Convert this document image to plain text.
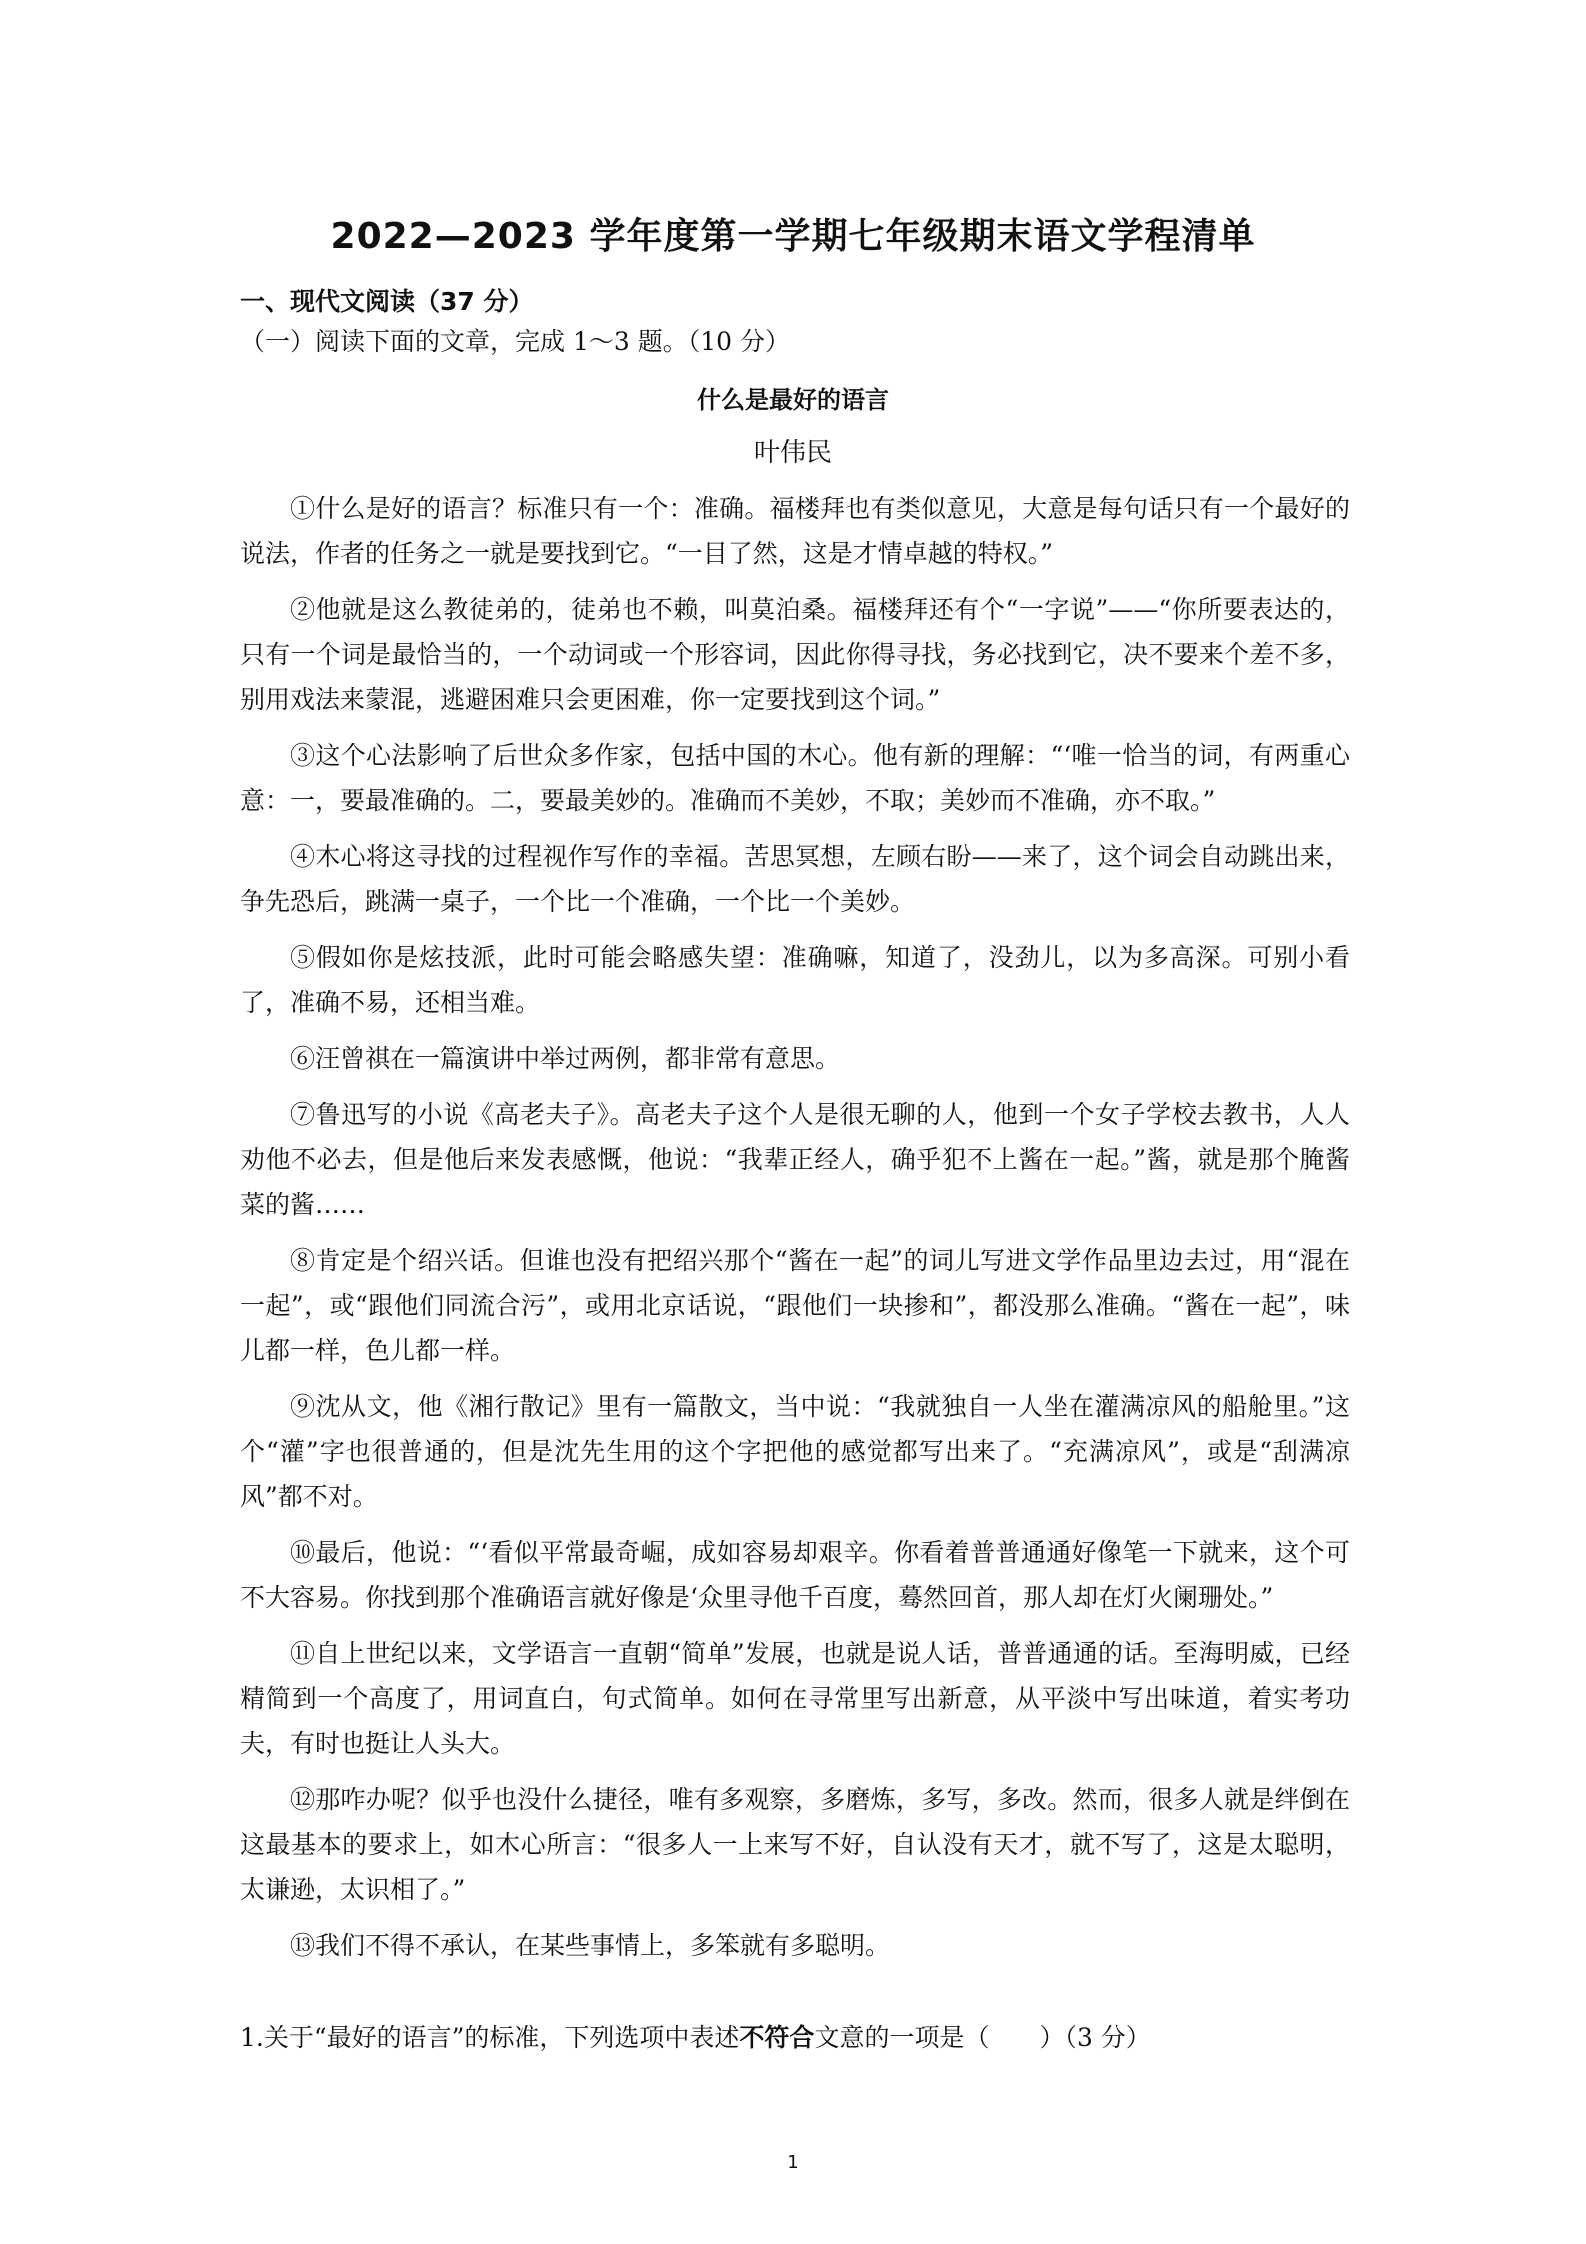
2022—2023 学年度第一学期七年级期末语文学程清单
一、现代文阅读（37 分）
（一）阅读下面的文章，完成 1～3 题。（10 分）
什么是最好的语言
叶伟民

①什么是好的语言？标准只有一个：准确。福楼拜也有类似意见，大意是每句话只有一个最好的说法，作者的任务之一就是要找到它。“一目了然，这是才情卓越的特权。”

②他就是这么教徒弟的，徒弟也不赖，叫莫泊桑。福楼拜还有个“一字说”——“你所要表达的，只有一个词是最恰当的，一个动词或一个形容词，因此你得寻找，务必找到它，决不要来个差不多，别用戏法来蒙混，逃避困难只会更困难，你一定要找到这个词。”

③这个心法影响了后世众多作家，包括中国的木心。他有新的理解：“‘唯一恰当的词，有两重心意：一，要最准确的。二，要最美妙的。准确而不美妙，不取；美妙而不准确，亦不取。”

④木心将这寻找的过程视作写作的幸福。苦思冥想，左顾右盼——来了，这个词会自动跳出来，争先恐后，跳满一桌子，一个比一个准确，一个比一个美妙。

⑤假如你是炫技派，此时可能会略感失望：准确嘛，知道了，没劲儿，以为多高深。可别小看了，准确不易，还相当难。

⑥汪曾祺在一篇演讲中举过两例，都非常有意思。

⑦鲁迅写的小说《高老夫子》。高老夫子这个人是很无聊的人，他到一个女子学校去教书，人人劝他不必去，但是他后来发表感慨，他说：“我辈正经人，确乎犯不上酱在一起。”酱，就是那个腌酱菜的酱……

⑧肯定是个绍兴话。但谁也没有把绍兴那个“酱在一起”的词儿写进文学作品里边去过，用“混在一起”，或“跟他们同流合污”，或用北京话说，“跟他们一块掺和”，都没那么准确。“酱在一起”，味儿都一样，色儿都一样。

⑨沈从文，他《湘行散记》里有一篇散文，当中说：“我就独自一人坐在灌满凉风的船舱里。”这个“灌”字也很普通的，但是沈先生用的这个字把他的感觉都写出来了。“充满凉风”，或是“刮满凉风”都不对。

⑩最后，他说：“‘看似平常最奇崛，成如容易却艰辛。你看着普普通通好像笔一下就来，这个可不大容易。你找到那个准确语言就好像是‘众里寻他千百度，蓦然回首，那人却在灯火阑珊处。”

⑪自上世纪以来，文学语言一直朝“简单”发展，也就是说人话，普普通通的话。至海明威，已经精简到一个高度了，用词直白，句式简单。如何在寻常里写出新意，从平淡中写出味道，着实考功夫，有时也挺让人头大。

⑫那咋办呢？似乎也没什么捷径，唯有多观察，多磨炼，多写，多改。然而，很多人就是绊倒在这最基本的要求上，如木心所言：“很多人一上来写不好，自认没有天才，就不写了，这是太聪明，太谦逊，太识相了。”

⑬我们不得不承认，在某些事情上，多笨就有多聪明。

1.关于“最好的语言”的标准，下列选项中表述不符合文意的一项是（　　）（3 分）
1
